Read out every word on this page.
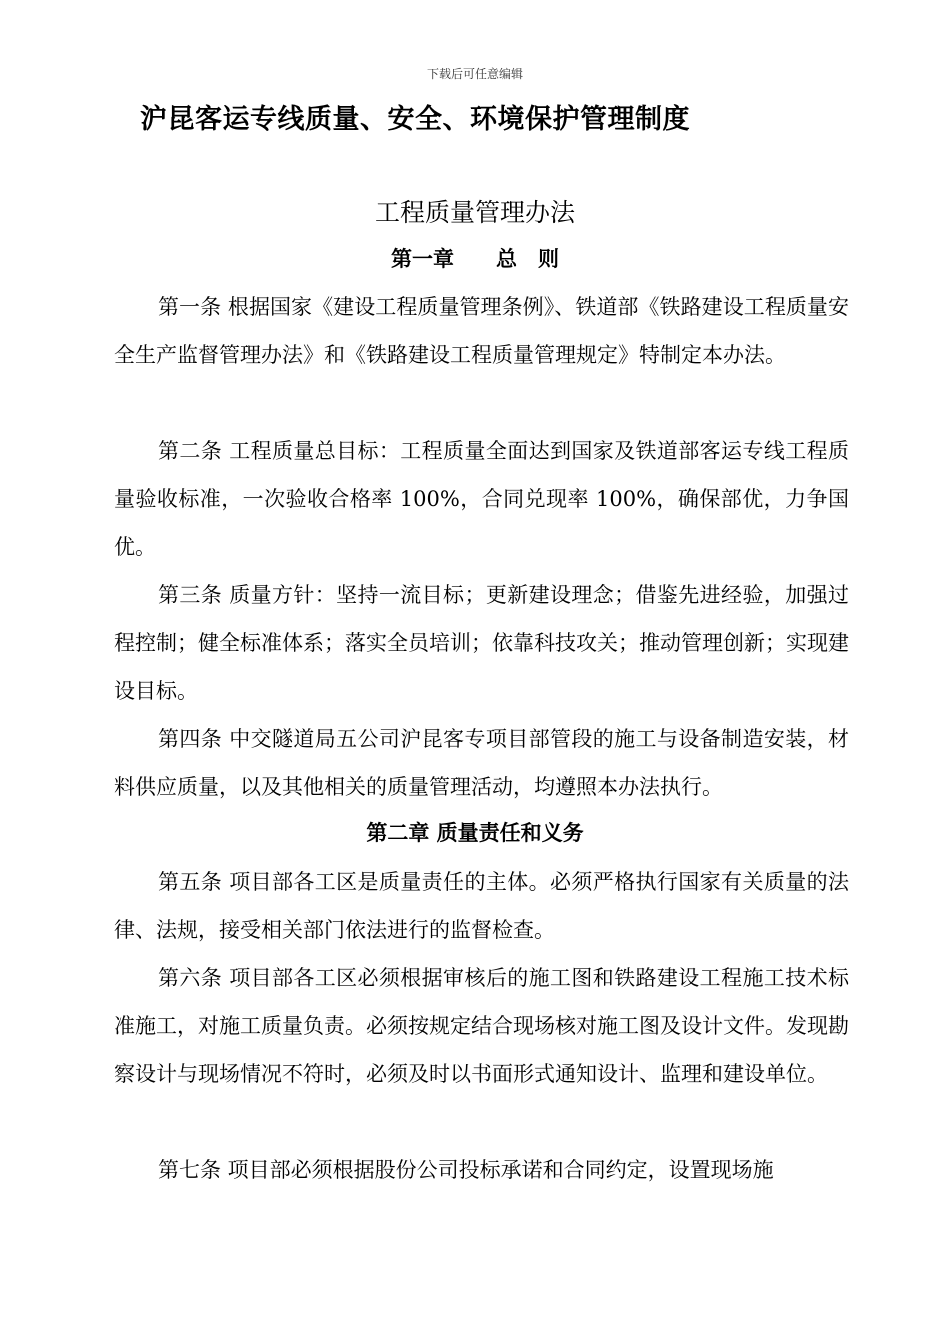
下载后可任意编辑
沪昆客运专线质量、安全、环境保护管理制度
工程质量管理办法
第一章　　总　则

第一条 根据国家《建设工程质量管理条例》、铁道部《铁路建设工程质量安全生产监督管理办法》和《铁路建设工程质量管理规定》特制定本办法。

第二条 工程质量总目标：工程质量全面达到国家及铁道部客运专线工程质量验收标准，一次验收合格率 100%，合同兑现率 100%，确保部优，力争国优。

第三条 质量方针：坚持一流目标；更新建设理念；借鉴先进经验，加强过程控制；健全标准体系；落实全员培训；依靠科技攻关；推动管理创新；实现建设目标。

第四条 中交隧道局五公司沪昆客专项目部管段的施工与设备制造安装，材料供应质量，以及其他相关的质量管理活动，均遵照本办法执行。

第二章 质量责任和义务

第五条 项目部各工区是质量责任的主体。必须严格执行国家有关质量的法律、法规，接受相关部门依法进行的监督检查。

第六条 项目部各工区必须根据审核后的施工图和铁路建设工程施工技术标准施工，对施工质量负责。必须按规定结合现场核对施工图及设计文件。发现勘察设计与现场情况不符时，必须及时以书面形式通知设计、监理和建设单位。

第七条 项目部必须根据股份公司投标承诺和合同约定，设置现场施
